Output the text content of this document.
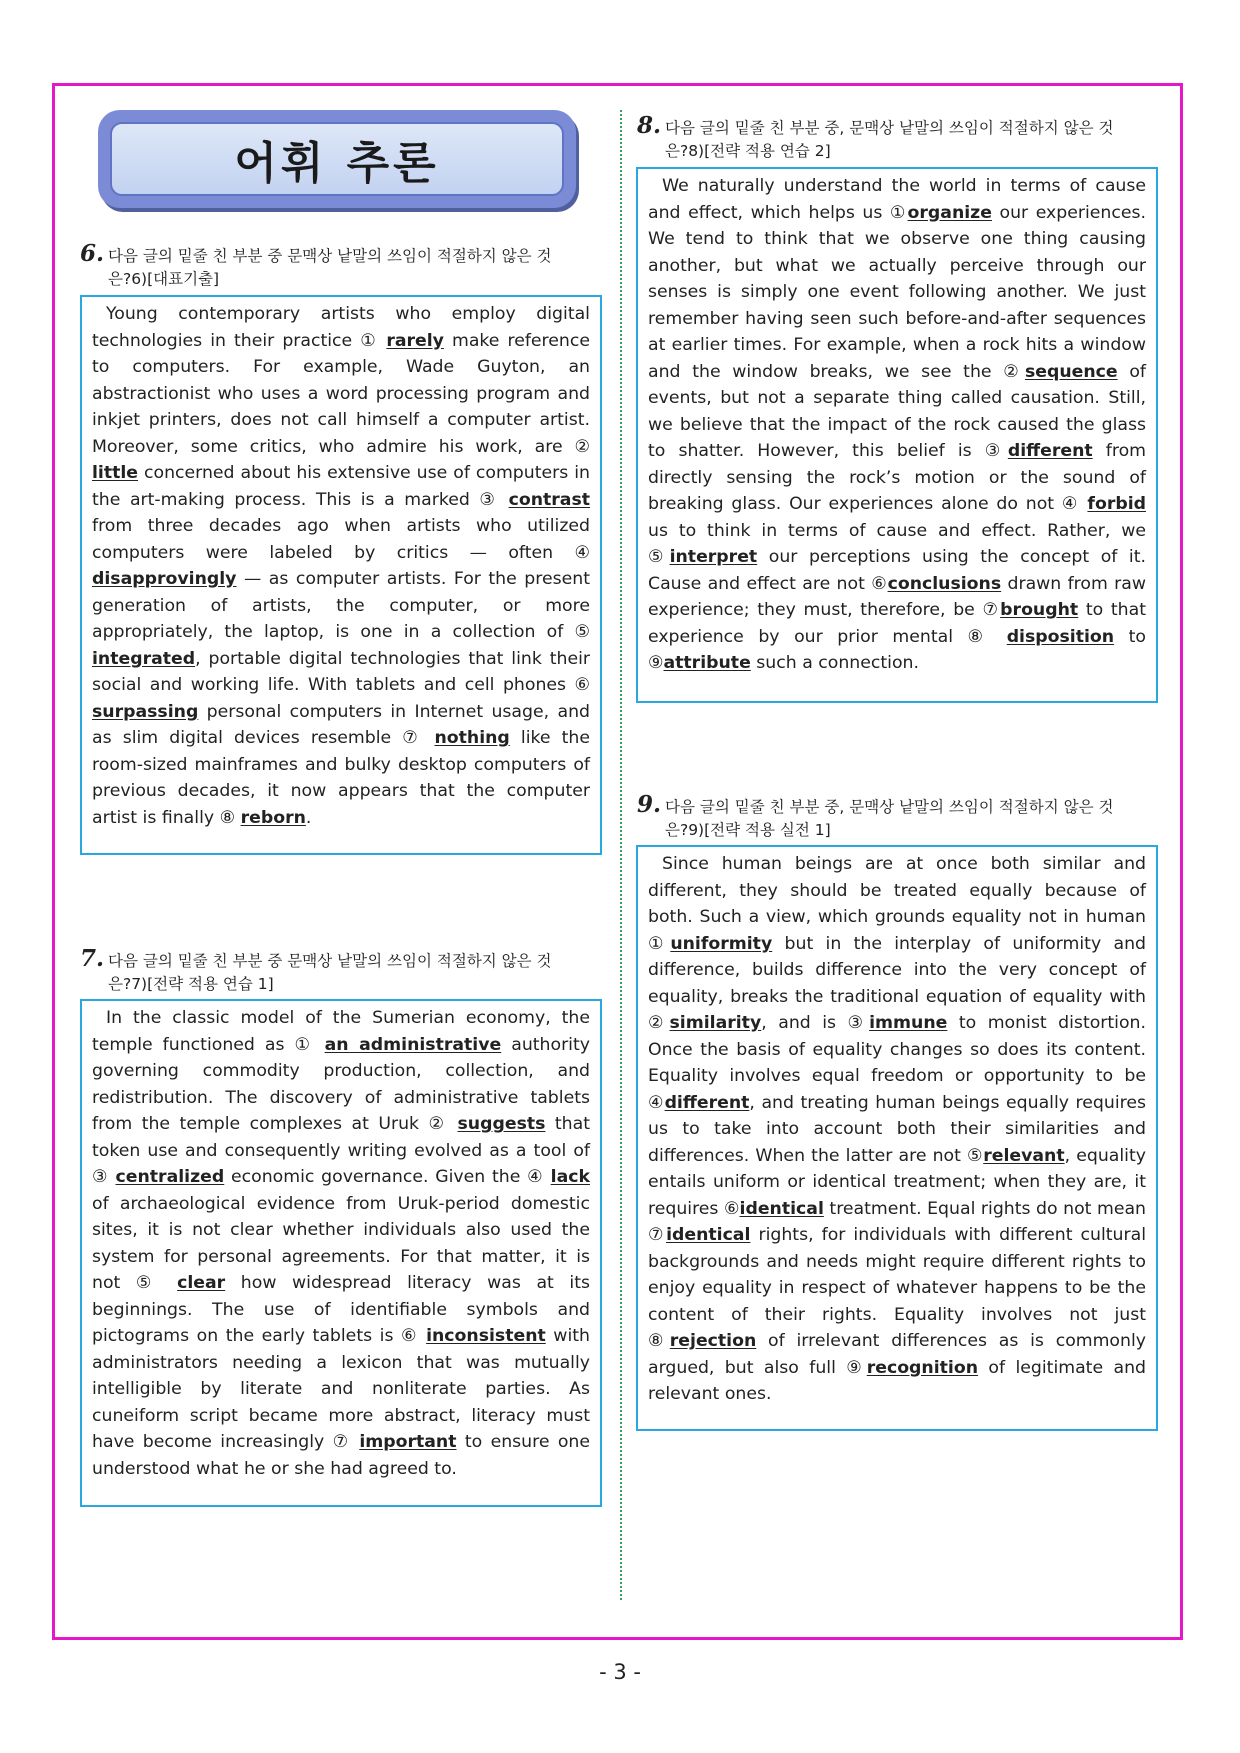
어휘 추론
6. 다음 글의 밑줄 친 부분 중 문맥상 낱말의 쓰임이 적절하지 않은 것
은?6)[대표기출]

Young contemporary artists who employ digital technologies in their practice ① rarely make reference to computers. For example, Wade Guyton, an abstractionist who uses a word processing program and inkjet printers, does not call himself a computer artist. Moreover, some critics, who admire his work, are ② little concerned about his extensive use of computers in the art-making process. This is a marked ③ contrast from three decades ago when artists who utilized computers were labeled by critics — often ④ disapprovingly — as computer artists. For the present generation of artists, the computer, or more appropriately, the laptop, is one in a collection of ⑤ integrated, portable digital technologies that link their social and working life. With tablets and cell phones ⑥ surpassing personal computers in Internet usage, and as slim digital devices resemble ⑦ nothing like the room-sized mainframes and bulky desktop computers of previous decades, it now appears that the computer artist is finally ⑧ reborn.

7. 다음 글의 밑줄 친 부분 중 문맥상 낱말의 쓰임이 적절하지 않은 것
은?7)[전략 적용 연습 1]

In the classic model of the Sumerian economy, the temple functioned as ① an administrative authority governing commodity production, collection, and redistribution. The discovery of administrative tablets from the temple complexes at Uruk ② suggests that token use and consequently writing evolved as a tool of ③ centralized economic governance. Given the ④ lack of archaeological evidence from Uruk-period domestic sites, it is not clear whether individuals also used the system for personal agreements. For that matter, it is not ⑤ clear how widespread literacy was at its beginnings. The use of identifiable symbols and pictograms on the early tablets is ⑥ inconsistent with administrators needing a lexicon that was mutually intelligible by literate and nonliterate parties. As cuneiform script became more abstract, literacy must have become increasingly ⑦ important to ensure one understood what he or she had agreed to.

8. 다음 글의 밑줄 친 부분 중, 문맥상 낱말의 쓰임이 적절하지 않은 것
은?8)[전략 적용 연습 2]

We naturally understand the world in terms of cause and effect, which helps us ①organize our experiences. We tend to think that we observe one thing causing another, but what we actually perceive through our senses is simply one event following another. We just remember having seen such before-and-after sequences at earlier times. For example, when a rock hits a window and the window breaks, we see the ②sequence of events, but not a separate thing called causation. Still, we believe that the impact of the rock caused the glass to shatter. However, this belief is ③different from directly sensing the rock’s motion or the sound of breaking glass. Our experiences alone do not ④ forbid us to think in terms of cause and effect. Rather, we ⑤interpret our perceptions using the concept of it. Cause and effect are not ⑥conclusions drawn from raw experience; they must, therefore, be ⑦brought to that experience by our prior mental ⑧ disposition to ⑨attribute such a connection.

9. 다음 글의 밑줄 친 부분 중, 문맥상 낱말의 쓰임이 적절하지 않은 것
은?9)[전략 적용 실전 1]

Since human beings are at once both similar and different, they should be treated equally because of both. Such a view, which grounds equality not in human ①uniformity but in the interplay of uniformity and difference, builds difference into the very concept of equality, breaks the traditional equation of equality with ②similarity, and is ③immune to monist distortion. Once the basis of equality changes so does its content. Equality involves equal freedom or opportunity to be ④different, and treating human beings equally requires us to take into account both their similarities and differences. When the latter are not ⑤relevant, equality entails uniform or identical treatment; when they are, it requires ⑥identical treatment. Equal rights do not mean ⑦identical rights, for individuals with different cultural backgrounds and needs might require different rights to enjoy equality in respect of whatever happens to be the content of their rights. Equality involves not just ⑧rejection of irrelevant differences as is commonly argued, but also full ⑨recognition of legitimate and relevant ones.

- 3 -
